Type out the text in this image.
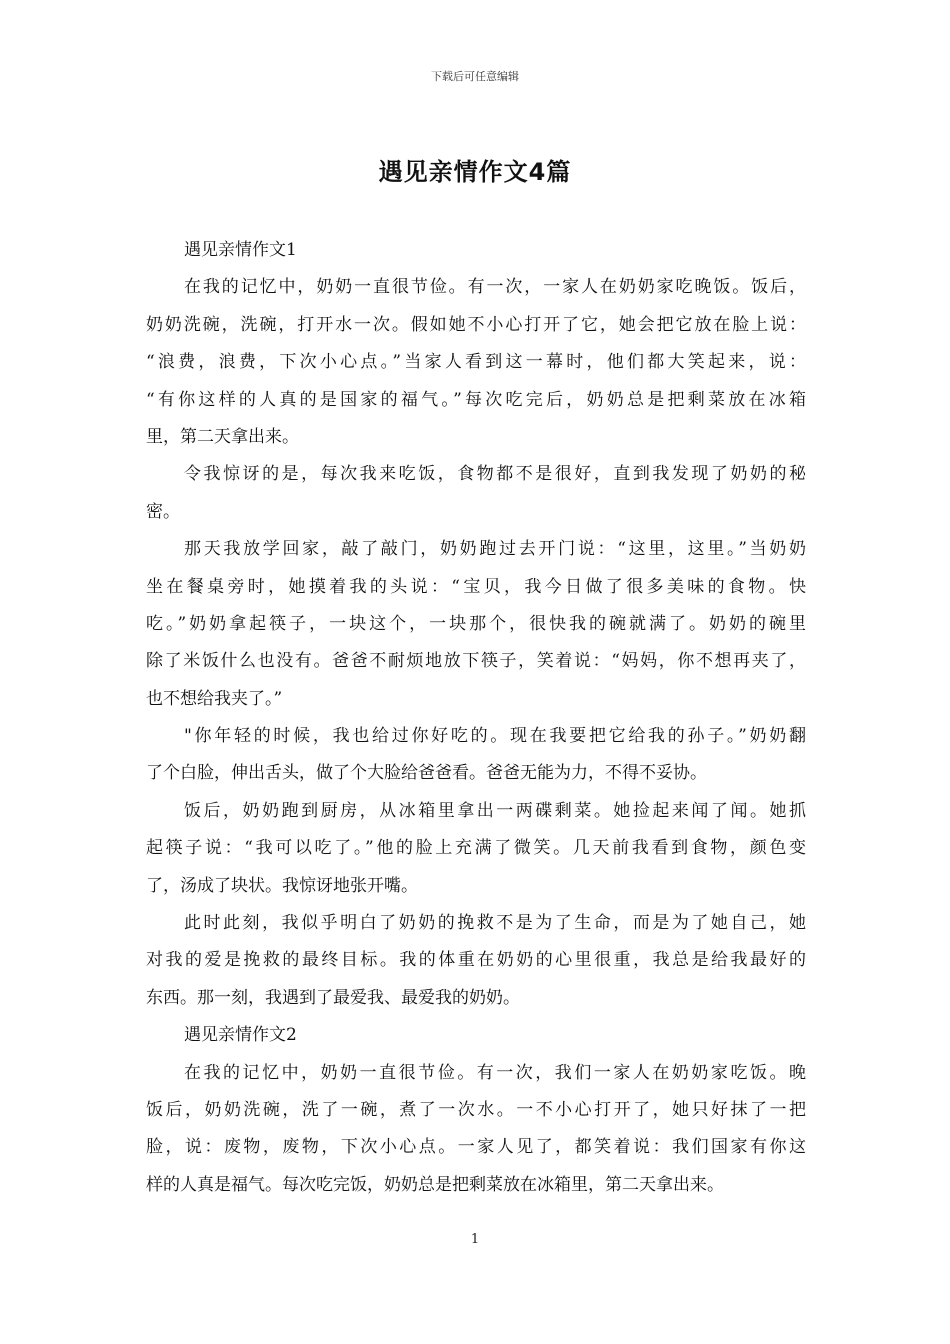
下载后可任意编辑
遇见亲情作文4篇
遇见亲情作文1
在我的记忆中，奶奶一直很节俭。有一次，一家人在奶奶家吃晚饭。饭后，
奶奶洗碗，洗碗，打开水一次。假如她不小心打开了它，她会把它放在脸上说：
“浪费，浪费，下次小心点。”当家人看到这一幕时，他们都大笑起来，说：
“有你这样的人真的是国家的福气。”每次吃完后，奶奶总是把剩菜放在冰箱
里，第二天拿出来。
令我惊讶的是，每次我来吃饭，食物都不是很好，直到我发现了奶奶的秘
密。
那天我放学回家，敲了敲门，奶奶跑过去开门说：“这里，这里。”当奶奶
坐在餐桌旁时，她摸着我的头说：“宝贝，我今日做了很多美味的食物。快
吃。”奶奶拿起筷子，一块这个，一块那个，很快我的碗就满了。奶奶的碗里
除了米饭什么也没有。爸爸不耐烦地放下筷子，笑着说：“妈妈，你不想再夹了，
也不想给我夹了。”
"你年轻的时候，我也给过你好吃的。现在我要把它给我的孙子。”奶奶翻
了个白脸，伸出舌头，做了个大脸给爸爸看。爸爸无能为力，不得不妥协。
饭后，奶奶跑到厨房，从冰箱里拿出一两碟剩菜。她捡起来闻了闻。她抓
起筷子说：“我可以吃了。”他的脸上充满了微笑。几天前我看到食物，颜色变
了，汤成了块状。我惊讶地张开嘴。
此时此刻，我似乎明白了奶奶的挽救不是为了生命，而是为了她自己，她
对我的爱是挽救的最终目标。我的体重在奶奶的心里很重，我总是给我最好的
东西。那一刻，我遇到了最爱我、最爱我的奶奶。
遇见亲情作文2
在我的记忆中，奶奶一直很节俭。有一次，我们一家人在奶奶家吃饭。晚
饭后，奶奶洗碗，洗了一碗，煮了一次水。一不小心打开了，她只好抹了一把
脸，说：废物，废物，下次小心点。一家人见了，都笑着说：我们国家有你这
样的人真是福气。每次吃完饭，奶奶总是把剩菜放在冰箱里，第二天拿出来。
1
